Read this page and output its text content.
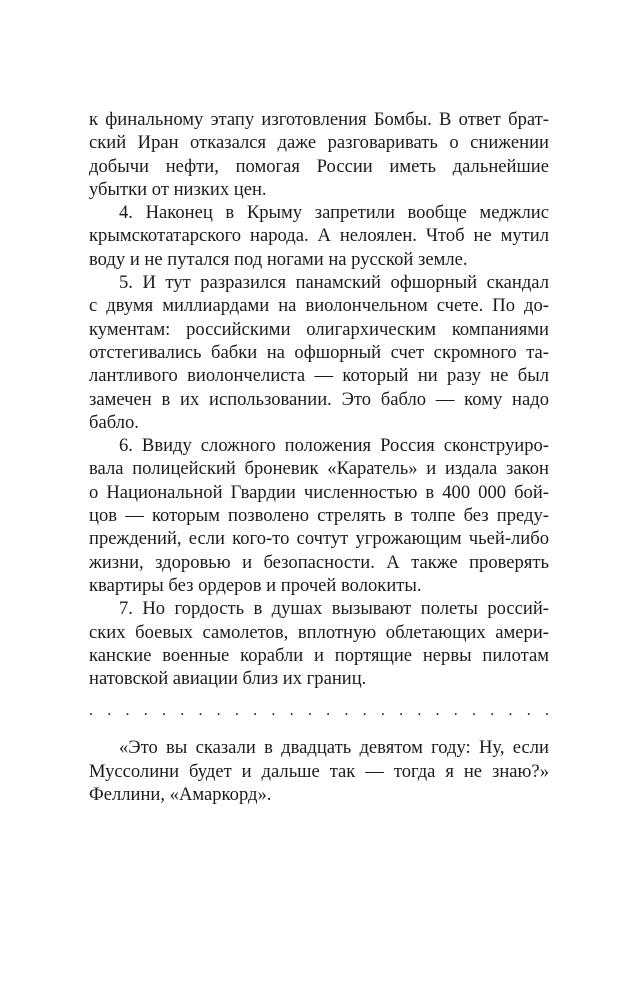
к финальному этапу изготовления Бомбы. В ответ брат-
ский Иран отказался даже разговаривать о снижении
добычи нефти, помогая России иметь дальнейшие
убытки от низких цен.
4. Наконец в Крыму запретили вообще меджлис
крымскотатарского народа. А нелоялен. Чтоб не мутил
воду и не путался под ногами на русской земле.
5. И тут разразился панамский офшорный скандал
с двумя миллиардами на виолончельном счете. По до-
кументам: российскими олигархическим компаниями
отстегивались бабки на офшорный счет скромного та-
лантливого виолончелиста — который ни разу не был
замечен в их использовании. Это бабло — кому надо
бабло.
6. Ввиду сложного положения Россия сконструиро-
вала полицейский броневик «Каратель» и издала закон
о Национальной Гвардии численностью в 400 000 бой-
цов — которым позволено стрелять в толпе без преду-
преждений, если кого-то сочтут угрожающим чьей-либо
жизни, здоровью и безопасности. А также проверять
квартиры без ордеров и прочей волокиты.
7. Но гордость в душах вызывают полеты россий-
ских боевых самолетов, вплотную облетающих амери-
канские военные корабли и портящие нервы пилотам
натовской авиации близ их границ.
. . . . . . . . . . . . . . . . . . . . . . . . . .
«Это вы сказали в двадцать девятом году: Ну, если
Муссолини будет и дальше так — тогда я не знаю?»
Феллини, «Амаркорд».
